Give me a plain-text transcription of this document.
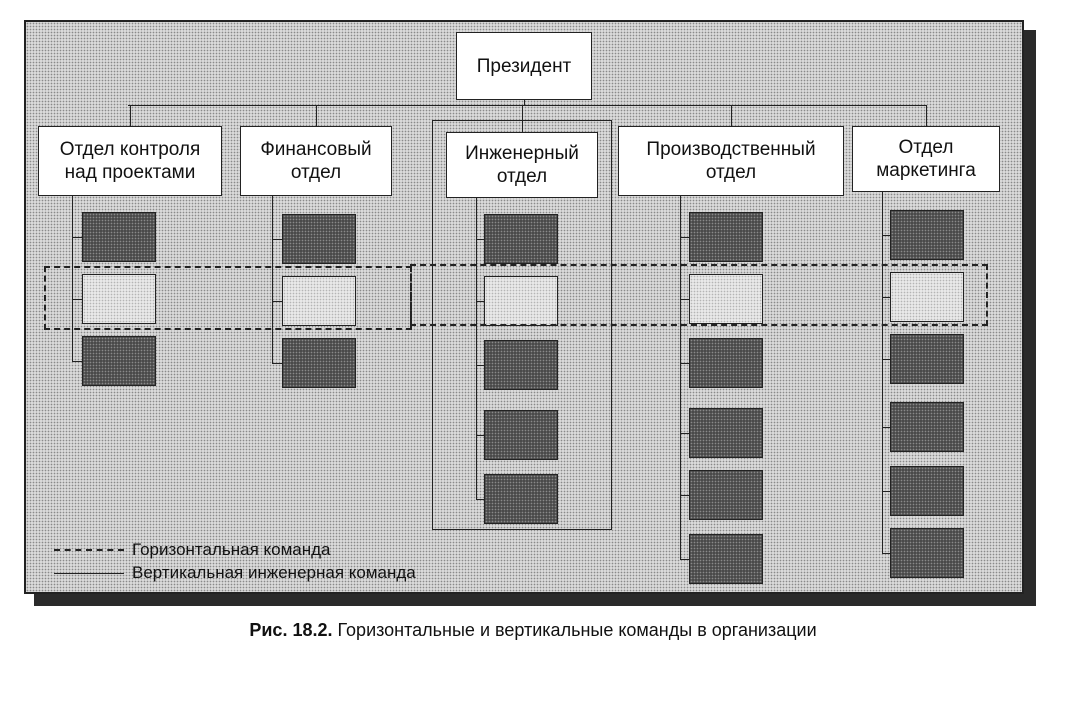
Президент
Отдел контроля
над проектами
Финансовый
отдел
Инженерный
отдел
Производственный
отдел
Отдел
маркетинга
Горизонтальная команда
Вертикальная инженерная команда
Рис. 18.2. Горизонтальные и вертикальные команды в организации
